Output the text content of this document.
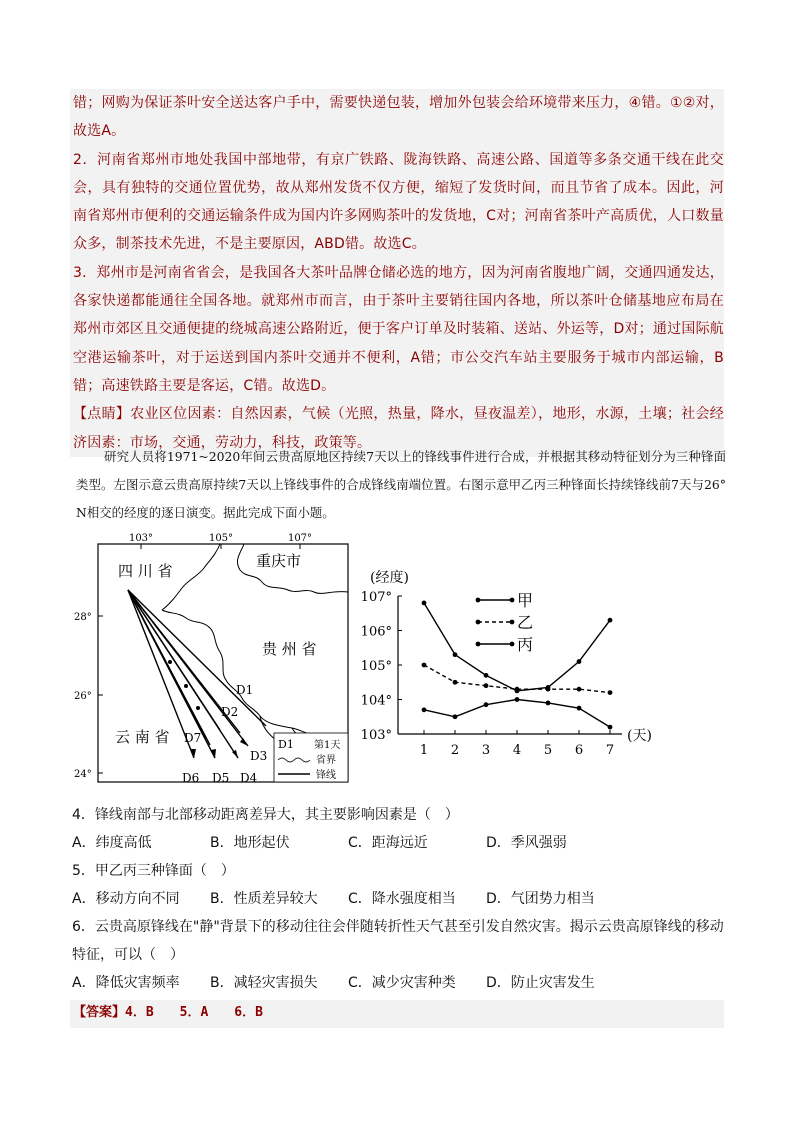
错；网购为保证茶叶安全送达客户手中，需要快递包装，增加外包装会给环境带来压力，④错。①②对，故选A。

2．河南省郑州市地处我国中部地带，有京广铁路、陇海铁路、高速公路、国道等多条交通干线在此交会，具有独特的交通位置优势，故从郑州发货不仅方便，缩短了发货时间，而且节省了成本。因此，河南省郑州市便利的交通运输条件成为国内许多网购茶叶的发货地，C对；河南省茶叶产高质优，人口数量众多，制茶技术先进，不是主要原因，ABD错。故选C。

3．郑州市是河南省省会，是我国各大茶叶品牌仓储必选的地方，因为河南省腹地广阔，交通四通发达，各家快递都能通往全国各地。就郑州市而言，由于茶叶主要销往国内各地，所以茶叶仓储基地应布局在郑州市郊区且交通便捷的绕城高速公路附近，便于客户订单及时装箱、送站、外运等，D对；通过国际航空港运输茶叶，对于运送到国内茶叶交通并不便利，A错；市公交汽车站主要服务于城市内部运输，B错；高速铁路主要是客运，C错。故选D。

【点睛】农业区位因素：自然因素，气候（光照，热量，降水，昼夜温差），地形，水源，土壤；社会经济因素：市场，交通，劳动力，科技，政策等。

研究人员将1971~2020年间云贵高原地区持续7天以上的锋线事件进行合成，并根据其移动特征划分为三种锋面类型。左图示意云贵高原持续7天以上锋线事件的合成锋线南端位置。右图示意甲乙丙三种锋面长持续锋线前7天与26° N相交的经度的逐日演变。据此完成下面小题。

103°	105°	107°
28°
26°
24°
四 川 省
重庆市
贵 州 省
云 南 省
D1
D2
D3
D4
D5
D6
D7	D1 第1天
省界
锋线
(经度)
(天)
103°
104°
105°
106°
107°
1 2 3 4 5 6 7
甲
乙
丙

4．锋线南部与北部移动距离差异大，其主要影响因素是（　）

A．纬度高低	B．地形起伏	C．距海远近	D．季风强弱

5．甲乙丙三种锋面（　）

A．移动方向不同	B．性质差异较大	C．降水强度相当	D．气团势力相当

6．云贵高原锋线在"静"背景下的移动往往会伴随转折性天气甚至引发自然灾害。揭示云贵高原锋线的移动特征，可以（　）

A．降低灾害频率	B．减轻灾害损失	C．减少灾害种类	D．防止灾害发生
【答案】4．B　　5．A　　6．B
